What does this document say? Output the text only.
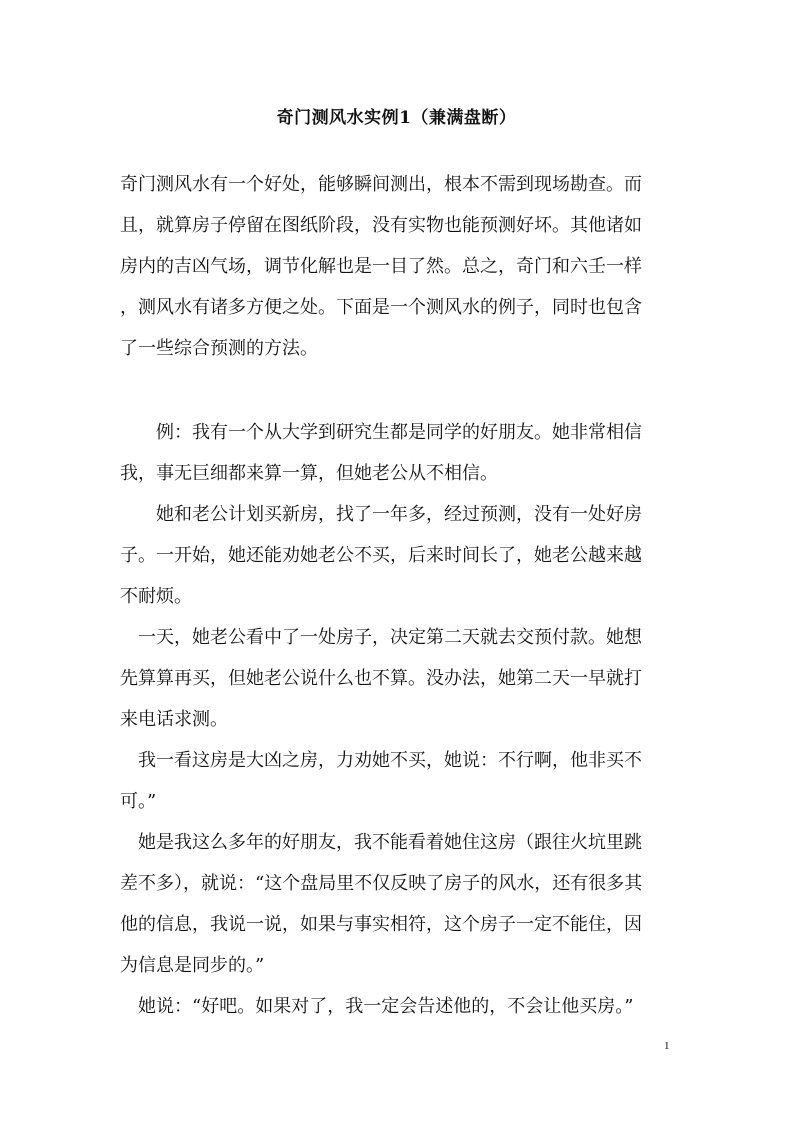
奇门测风水实例1（兼满盘断）

奇门测风水有一个好处，能够瞬间测出，根本不需到现场勘查。而
且，就算房子停留在图纸阶段，没有实物也能预测好坏。其他诸如
房内的吉凶气场，调节化解也是一目了然。总之，奇门和六壬一样
，测风水有诸多方便之处。下面是一个测风水的例子，同时也包含
了一些综合预测的方法。

　　例：我有一个从大学到研究生都是同学的好朋友。她非常相信
我，事无巨细都来算一算，但她老公从不相信。

　　她和老公计划买新房，找了一年多，经过预测，没有一处好房
子。一开始，她还能劝她老公不买，后来时间长了，她老公越来越
不耐烦。

　一天，她老公看中了一处房子，决定第二天就去交预付款。她想
先算算再买，但她老公说什么也不算。没办法，她第二天一早就打
来电话求测。

　我一看这房是大凶之房，力劝她不买，她说：不行啊，他非买不
可。”

　她是我这么多年的好朋友，我不能看着她住这房（跟往火坑里跳
差不多），就说：“这个盘局里不仅反映了房子的风水，还有很多其
他的信息，我说一说，如果与事实相符，这个房子一定不能住，因
为信息是同步的。”

　她说：“好吧。如果对了，我一定会告述他的，不会让他买房。”

1
